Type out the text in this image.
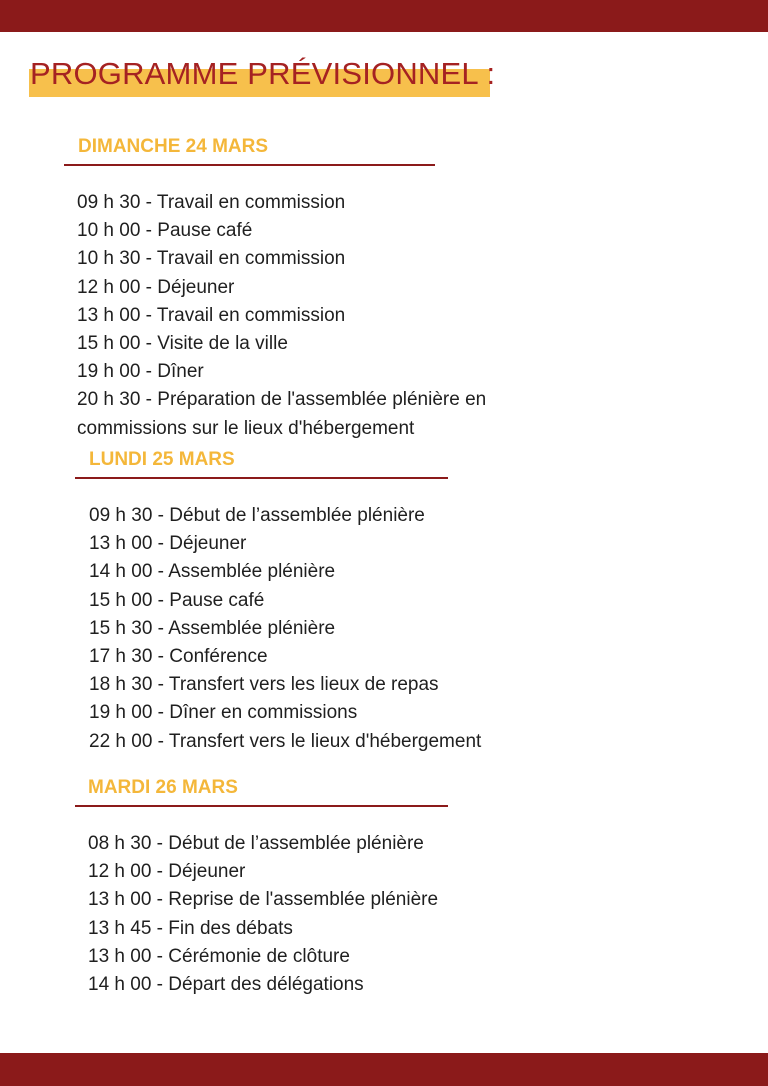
PROGRAMME PRÉVISIONNEL :
DIMANCHE 24 MARS
09 h 30 - Travail en commission
10 h 00 - Pause café
10 h 30 - Travail en commission
12 h 00 - Déjeuner
13 h 00 - Travail en commission
15 h 00 - Visite de la ville
19 h 00 - Dîner
20 h 30 - Préparation de l'assemblée plénière en commissions sur le lieux d'hébergement
LUNDI 25 MARS
09 h 30 - Début de l’assemblée plénière
13 h 00 - Déjeuner
14 h 00 - Assemblée plénière
15 h 00 - Pause café
15 h 30 - Assemblée plénière
17 h 30 - Conférence
18 h 30 - Transfert vers les lieux de repas
19 h 00 - Dîner en commissions
22 h 00 - Transfert vers le lieux d'hébergement
MARDI 26 MARS
08 h 30 - Début de l’assemblée plénière
12 h 00 - Déjeuner
13 h 00 - Reprise de l'assemblée plénière
13 h 45 - Fin des débats
13 h 00 - Cérémonie de clôture
14 h 00 - Départ des délégations
